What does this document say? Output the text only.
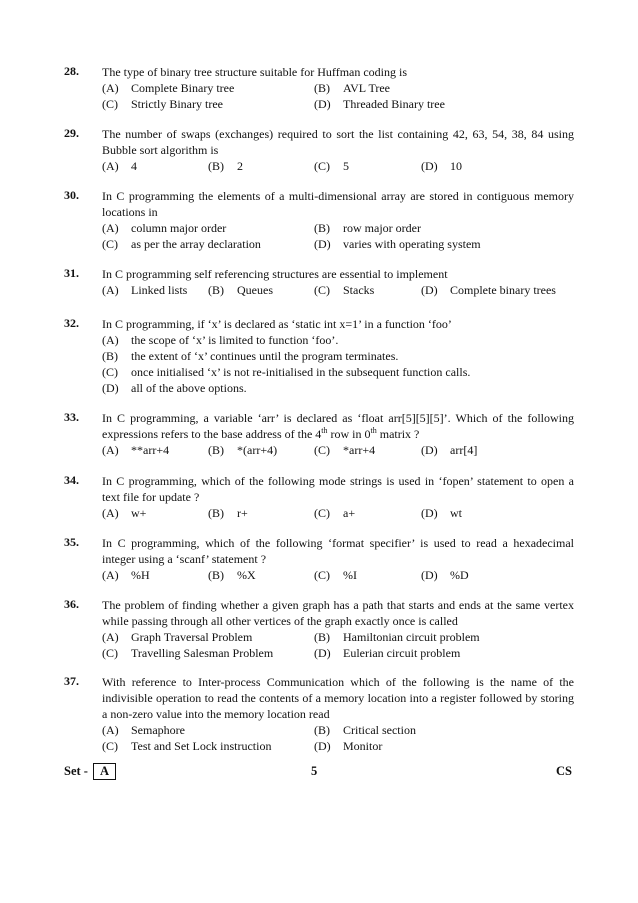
28. The type of binary tree structure suitable for Huffman coding is
(A) Complete Binary tree	(B) AVL Tree
(C) Strictly Binary tree	(D) Threaded Binary tree
29. The number of swaps (exchanges) required to sort the list containing 42, 63, 54, 38, 84 using Bubble sort algorithm is
(A) 4	(B) 2	(C) 5	(D) 10
30. In C programming the elements of a multi-dimensional array are stored in contiguous memory locations in
(A) column major order	(B) row major order
(C) as per the array declaration	(D) varies with operating system
31. In C programming self referencing structures are essential to implement
(A) Linked lists (B) Queues	(C) Stacks	(D) Complete binary trees
32. In C programming, if ‘x’ is declared as ‘static int x=1’ in a function ‘foo’
(A) the scope of ‘x’ is limited to function ‘foo’.
(B) the extent of ‘x’ continues until the program terminates.
(C) once initialised ‘x’ is not re-initialised in the subsequent function calls.
(D) all of the above options.
33. In C programming, a variable ‘arr’ is declared as ‘float arr[5][5][5]’. Which of the following expressions refers to the base address of the 4th row in 0th matrix ?
(A) **arr+4	(B) *(arr+4)	(C) *arr+4	(D) arr[4]
34. In C programming, which of the following mode strings is used in ‘fopen’ statement to open a text file for update ?
(A) w+	(B) r+	(C) a+	(D) wt
35. In C programming, which of the following ‘format specifier’ is used to read a hexadecimal integer using a ‘scanf’ statement ?
(A) %H	(B) %X	(C) %I	(D) %D
36. The problem of finding whether a given graph has a path that starts and ends at the same vertex while passing through all other vertices of the graph exactly once is called
(A) Graph Traversal Problem	(B) Hamiltonian circuit problem
(C) Travelling Salesman Problem	(D) Eulerian circuit problem
37. With reference to Inter-process Communication which of the following is the name of the indivisible operation to read the contents of a memory location into a register followed by storing a non-zero value into the memory location read
(A) Semaphore	(B) Critical section
(C) Test and Set Lock instruction	(D) Monitor
Set - A	5	CS
